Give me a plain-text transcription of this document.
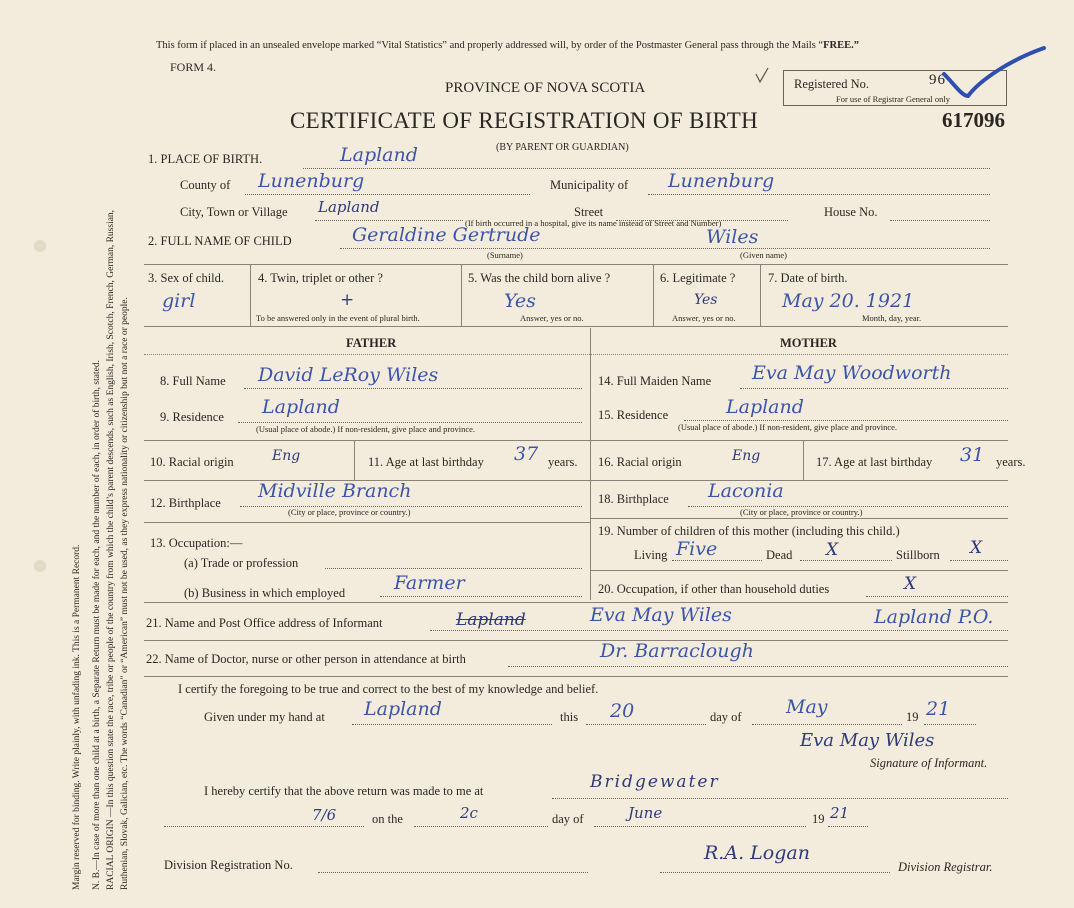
Margin reserved for binding. Write plainly, with unfading ink. This is a Permanent Record. N. B.—In case of more than one child at a birth, a Separate Return must be made for each, and the number of each, in order of birth, stated. RACIAL ORIGIN —In this question state the race, tribe or people of the country from which the child’s parent descends, such as English, Irish, Scotch, French, German, Russian, Ruthenian, Slovak, Galician, etc. The words “Canadian” or “American” must not be used, as they express nationality or citizenship but not a race or people.
This form if placed in an unsealed envelope marked “Vital Statistics” and properly addressed will, by order of the Postmaster General pass through the Mails “FREE.”
FORM 4.
PROVINCE OF NOVA SCOTIA
CERTIFICATE OF REGISTRATION OF BIRTH
(BY PARENT OR GUARDIAN)
Registered No.	96
For use of Registrar General only
617096
1. PLACE OF BIRTH.	Lapland
County of Lunenburg	Municipality of Lunenburg
City, Town or Village Lapland
(If birth occurred in a hospital, give its name instead of Street and Number)
Street	House No.
2. FULL NAME OF CHILD	Geraldine Gertrude	Wiles
(Surname)	(Given name)
3. Sex of child.
girl
4. Twin, triplet or other ?
+
To be answered only in the event of plural birth.
5. Was the child born alive ?
Yes
Answer, yes or no.
6. Legitimate ?
Yes
Answer, yes or no.
7. Date of birth.
May 20. 1921
Month, day, year.
FATHER	MOTHER
8. Full Name David LeRoy Wiles
9. Residence Lapland
(Usual place of abode.) If non-resident, give place and province.
10. Racial origin	Eng	11. Age at last birthday 37 years.
12. Birthplace
Midville Branch
(City or place, province or country.)
13. Occupation:—
(a) Trade or profession
(b) Business in which employed	Farmer
14. Full Maiden Name Eva May Woodworth
15. Residence	Lapland
(Usual place of abode.) If non-resident, give place and province.
16. Racial origin	Eng	17. Age at last birthday 31 years.
18. Birthplace Laconia
(City or place, province or country.)
19. Number of children of this mother (including this child.)
Living Five	Dead X	Stillborn X
20. Occupation, if other than household duties	X
21. Name and Post Office address of Informant	Lapland	Eva May Wiles	Lapland P.O.
22. Name of Doctor, nurse or other person in attendance at birth	Dr. Barraclough
I certify the foregoing to be true and correct to the best of my knowledge and belief.
Given under my hand at Lapland	this 20	day of May	19 21
Eva May Wiles
Signature of Informant.
I hereby certify that the above return was made to me at	Bridgewater
7/6	on the	2c	day of	June	19 21
Division Registration No.
R.A. Logan
Division Registrar.
